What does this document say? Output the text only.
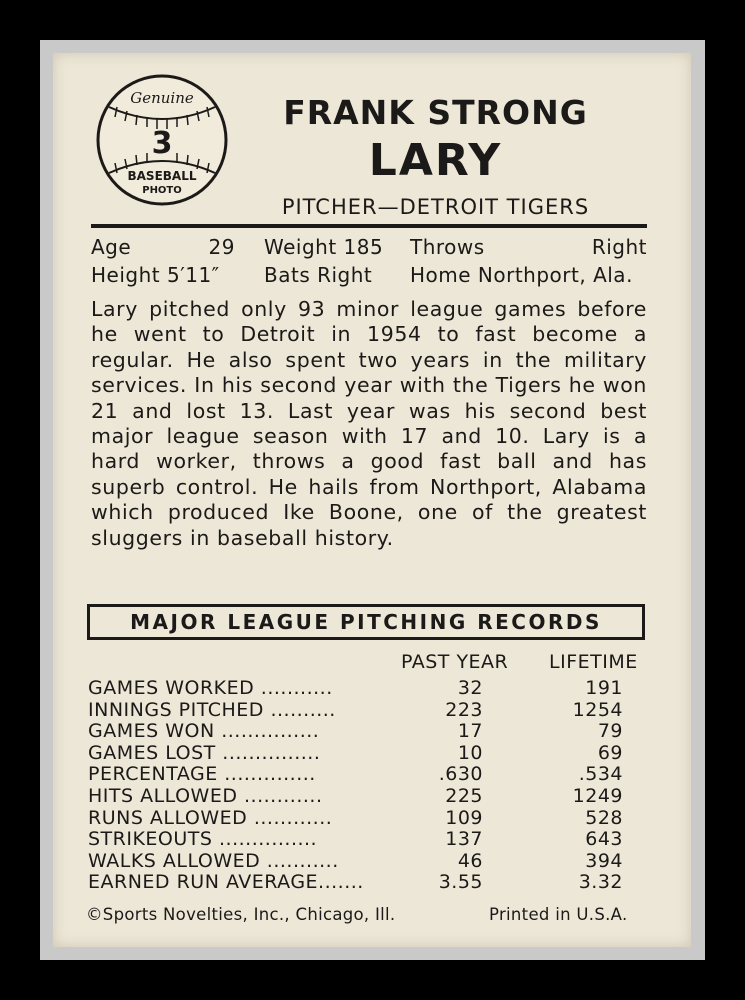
Genuine
3
BASEBALL
PHOTO
FRANK STRONG
LARY
PITCHER—DETROIT TIGERS
Age	29 Weight 185 Throws	Right
Height 5′11″ Bats Right Home Northport, Ala.

Lary pitched only 93 minor league games before he went to Detroit in 1954 to fast become a regular. He also spent two years in the military services. In his second year with the Tigers he won 21 and lost 13. Last year was his second best major league season with 17 and 10. Lary is a hard worker, throws a good fast ball and has superb control. He hails from Northport, Alabama which produced Ike Boone, one of the greatest sluggers in baseball history.

MAJOR LEAGUE PITCHING RECORDS
PAST YEAR LIFETIME
GAMES WORKED ...........	32	191
INNINGS PITCHED ..........	223	1254
GAMES WON ...............	17	79
GAMES LOST ...............	10	69
PERCENTAGE ..............	.630	.534
HITS ALLOWED ............	225	1249
RUNS ALLOWED ............	109	528
STRIKEOUTS ...............	137	643
WALKS ALLOWED ...........	46	394
EARNED RUN AVERAGE.......	3.55	3.32
©Sports Novelties, Inc., Chicago, Ill.	Printed in U.S.A.
